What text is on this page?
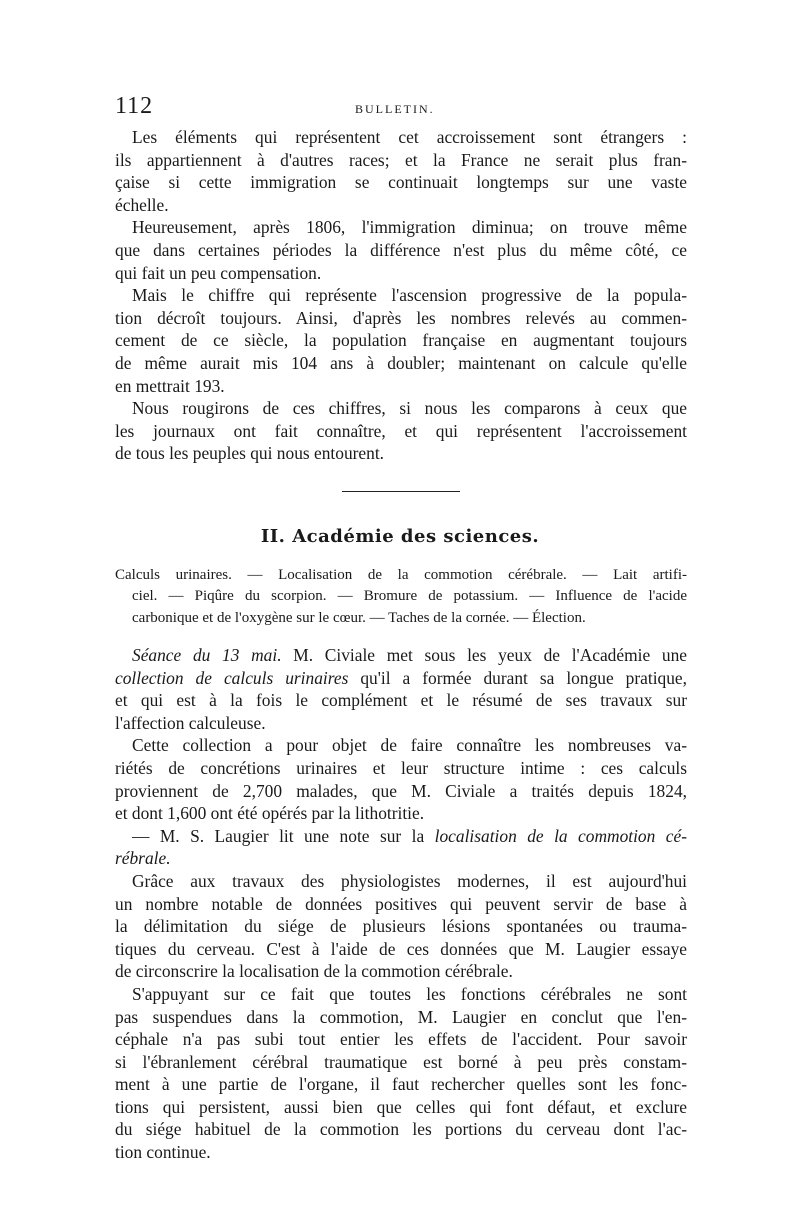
112	BULLETIN.
Les éléments qui représentent cet accroissement sont étrangers :
ils appartiennent à d'autres races; et la France ne serait plus fran-
çaise si cette immigration se continuait longtemps sur une vaste
échelle.
Heureusement, après 1806, l'immigration diminua; on trouve même
que dans certaines périodes la différence n'est plus du même côté, ce
qui fait un peu compensation.
Mais le chiffre qui représente l'ascension progressive de la popula-
tion décroît toujours. Ainsi, d'après les nombres relevés au commen-
cement de ce siècle, la population française en augmentant toujours
de même aurait mis 104 ans à doubler; maintenant on calcule qu'elle
en mettrait 193.
Nous rougirons de ces chiffres, si nous les comparons à ceux que
les journaux ont fait connaître, et qui représentent l'accroissement
de tous les peuples qui nous entourent.
II. Académie des sciences.
Calculs urinaires. — Localisation de la commotion cérébrale. — Lait artifi-
ciel. — Piqûre du scorpion. — Bromure de potassium. — Influence de l'acide
carbonique et de l'oxygène sur le cœur. — Taches de la cornée. — Élection.
Séance du 13 mai. M. Civiale met sous les yeux de l'Académie une
collection de calculs urinaires qu'il a formée durant sa longue pratique,
et qui est à la fois le complément et le résumé de ses travaux sur
l'affection calculeuse.
Cette collection a pour objet de faire connaître les nombreuses va-
riétés de concrétions urinaires et leur structure intime : ces calculs
proviennent de 2,700 malades, que M. Civiale a traités depuis 1824,
et dont 1,600 ont été opérés par la lithotritie.
— M. S. Laugier lit une note sur la localisation de la commotion cé-
rébrale.
Grâce aux travaux des physiologistes modernes, il est aujourd'hui
un nombre notable de données positives qui peuvent servir de base à
la délimitation du siége de plusieurs lésions spontanées ou trauma-
tiques du cerveau. C'est à l'aide de ces données que M. Laugier essaye
de circonscrire la localisation de la commotion cérébrale.
S'appuyant sur ce fait que toutes les fonctions cérébrales ne sont
pas suspendues dans la commotion, M. Laugier en conclut que l'en-
céphale n'a pas subi tout entier les effets de l'accident. Pour savoir
si l'ébranlement cérébral traumatique est borné à peu près constam-
ment à une partie de l'organe, il faut rechercher quelles sont les fonc-
tions qui persistent, aussi bien que celles qui font défaut, et exclure
du siége habituel de la commotion les portions du cerveau dont l'ac-
tion continue.
